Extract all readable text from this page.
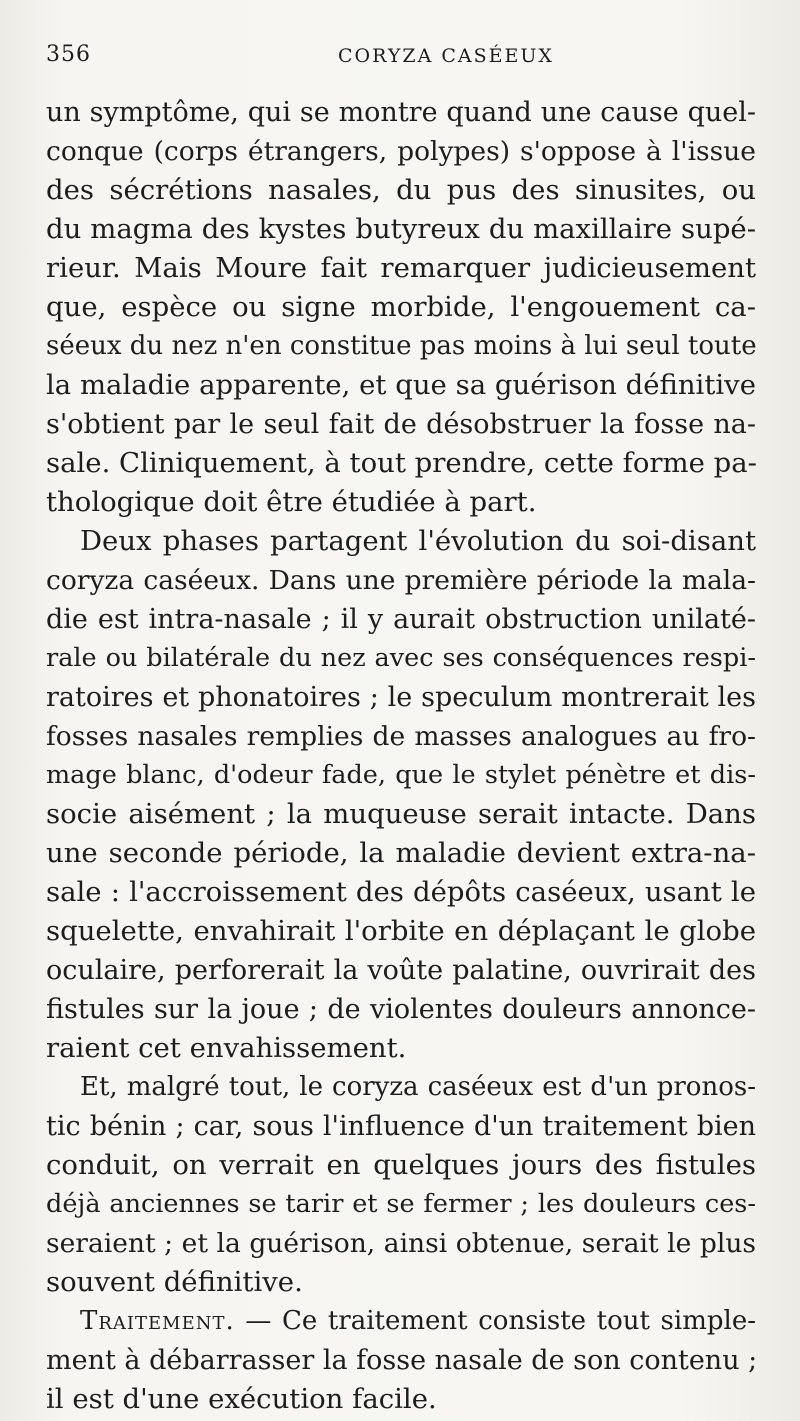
356	CORYZA CASÉEUX
un symptôme, qui se montre quand une cause quel-
conque (corps étrangers, polypes) s'oppose à l'issue
des sécrétions nasales, du pus des sinusites, ou
du magma des kystes butyreux du maxillaire supé-
rieur. Mais Moure fait remarquer judicieusement
que, espèce ou signe morbide, l'engouement ca-
séeux du nez n'en constitue pas moins à lui seul toute
la maladie apparente, et que sa guérison définitive
s'obtient par le seul fait de désobstruer la fosse na-
sale. Cliniquement, à tout prendre, cette forme pa-
thologique doit être étudiée à part.
Deux phases partagent l'évolution du soi-disant
coryza caséeux. Dans une première période la mala-
die est intra-nasale ; il y aurait obstruction unilaté-
rale ou bilatérale du nez avec ses conséquences respi-
ratoires et phonatoires ; le speculum montrerait les
fosses nasales remplies de masses analogues au fro-
mage blanc, d'odeur fade, que le stylet pénètre et dis-
socie aisément ; la muqueuse serait intacte. Dans
une seconde période, la maladie devient extra-na-
sale : l'accroissement des dépôts caséeux, usant le
squelette, envahirait l'orbite en déplaçant le globe
oculaire, perforerait la voûte palatine, ouvrirait des
fistules sur la joue ; de violentes douleurs annonce-
raient cet envahissement.
Et, malgré tout, le coryza caséeux est d'un pronos-
tic bénin ; car, sous l'influence d'un traitement bien
conduit, on verrait en quelques jours des fistules
déjà anciennes se tarir et se fermer ; les douleurs ces-
seraient ; et la guérison, ainsi obtenue, serait le plus
souvent définitive.
Traitement. — Ce traitement consiste tout simple-
ment à débarrasser la fosse nasale de son contenu ;
il est d'une exécution facile.
